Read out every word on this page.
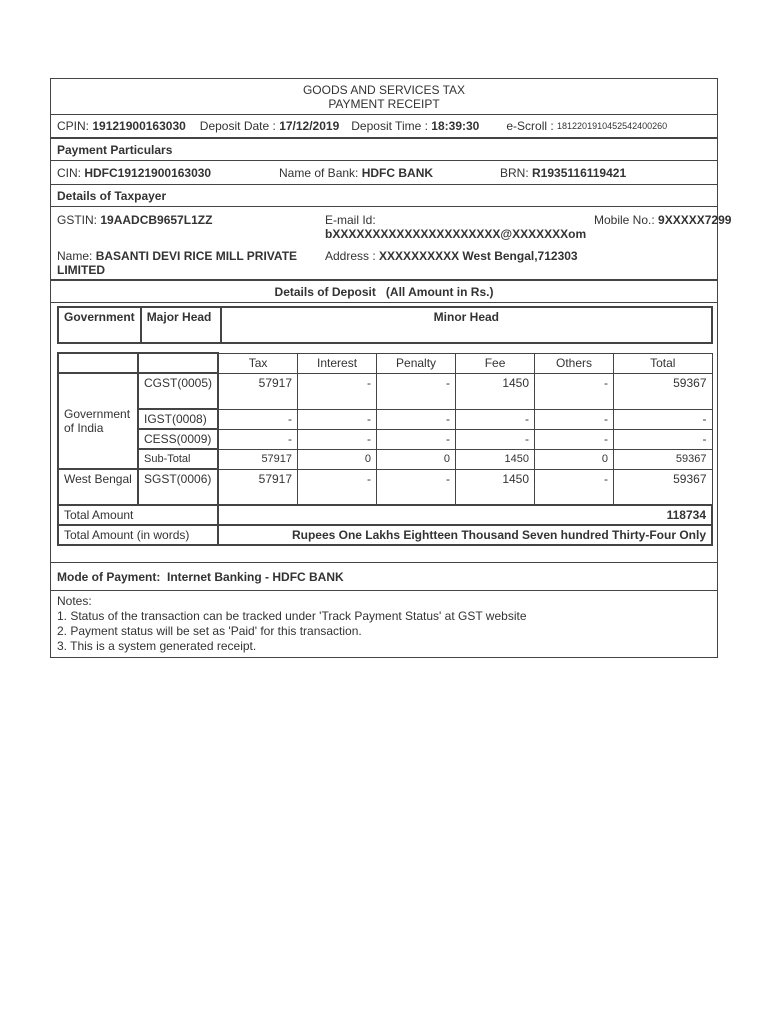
GOODS AND SERVICES TAX
PAYMENT RECEIPT
CPIN:
19121900163030 Deposit Date :
17/12/2019 Deposit Time :
18:39:30 e-Scroll :
1812201910452542400260
Payment Particulars
CIN: HDFC19121900163030	Name of Bank: HDFC BANK	BRN: R1935116119421
Details of Taxpayer
GSTIN: 19AADCB9657L1ZZ	E-mail Id:
bXXXXXXXXXXXXXXXXXXXXX@XXXXXXXom
Mobile No.: 9XXXXX7299
Name: BASANTI DEVI RICE MILL PRIVATE LIMITED
Address : XXXXXXXXXX West Bengal,712303
Details of Deposit (All Amount in Rs.)
Government	Major Head	Minor Head
		Tax	Interest	Penalty	Fee	Others	Total
Government of India	CGST(0005)	57917	-	-	1450	-	59367
	IGST(0008)	-	-	-	-	-	-
	CESS(0009)	-	-	-	-	-	-
	Sub-Total	57917	0	0	1450	0	59367
West Bengal	SGST(0006)	57917	-	-	1450	-	59367
Total Amount		118734					
Total Amount (in words)		Rupees One Lakhs Eightteen Thousand Seven hundred Thirty-Four Only					
Mode of Payment:
Internet Banking - HDFC BANK
Notes:
1. Status of the transaction can be tracked under 'Track Payment Status' at GST website
2. Payment status will be set as 'Paid' for this transaction.
3. This is a system generated receipt.
